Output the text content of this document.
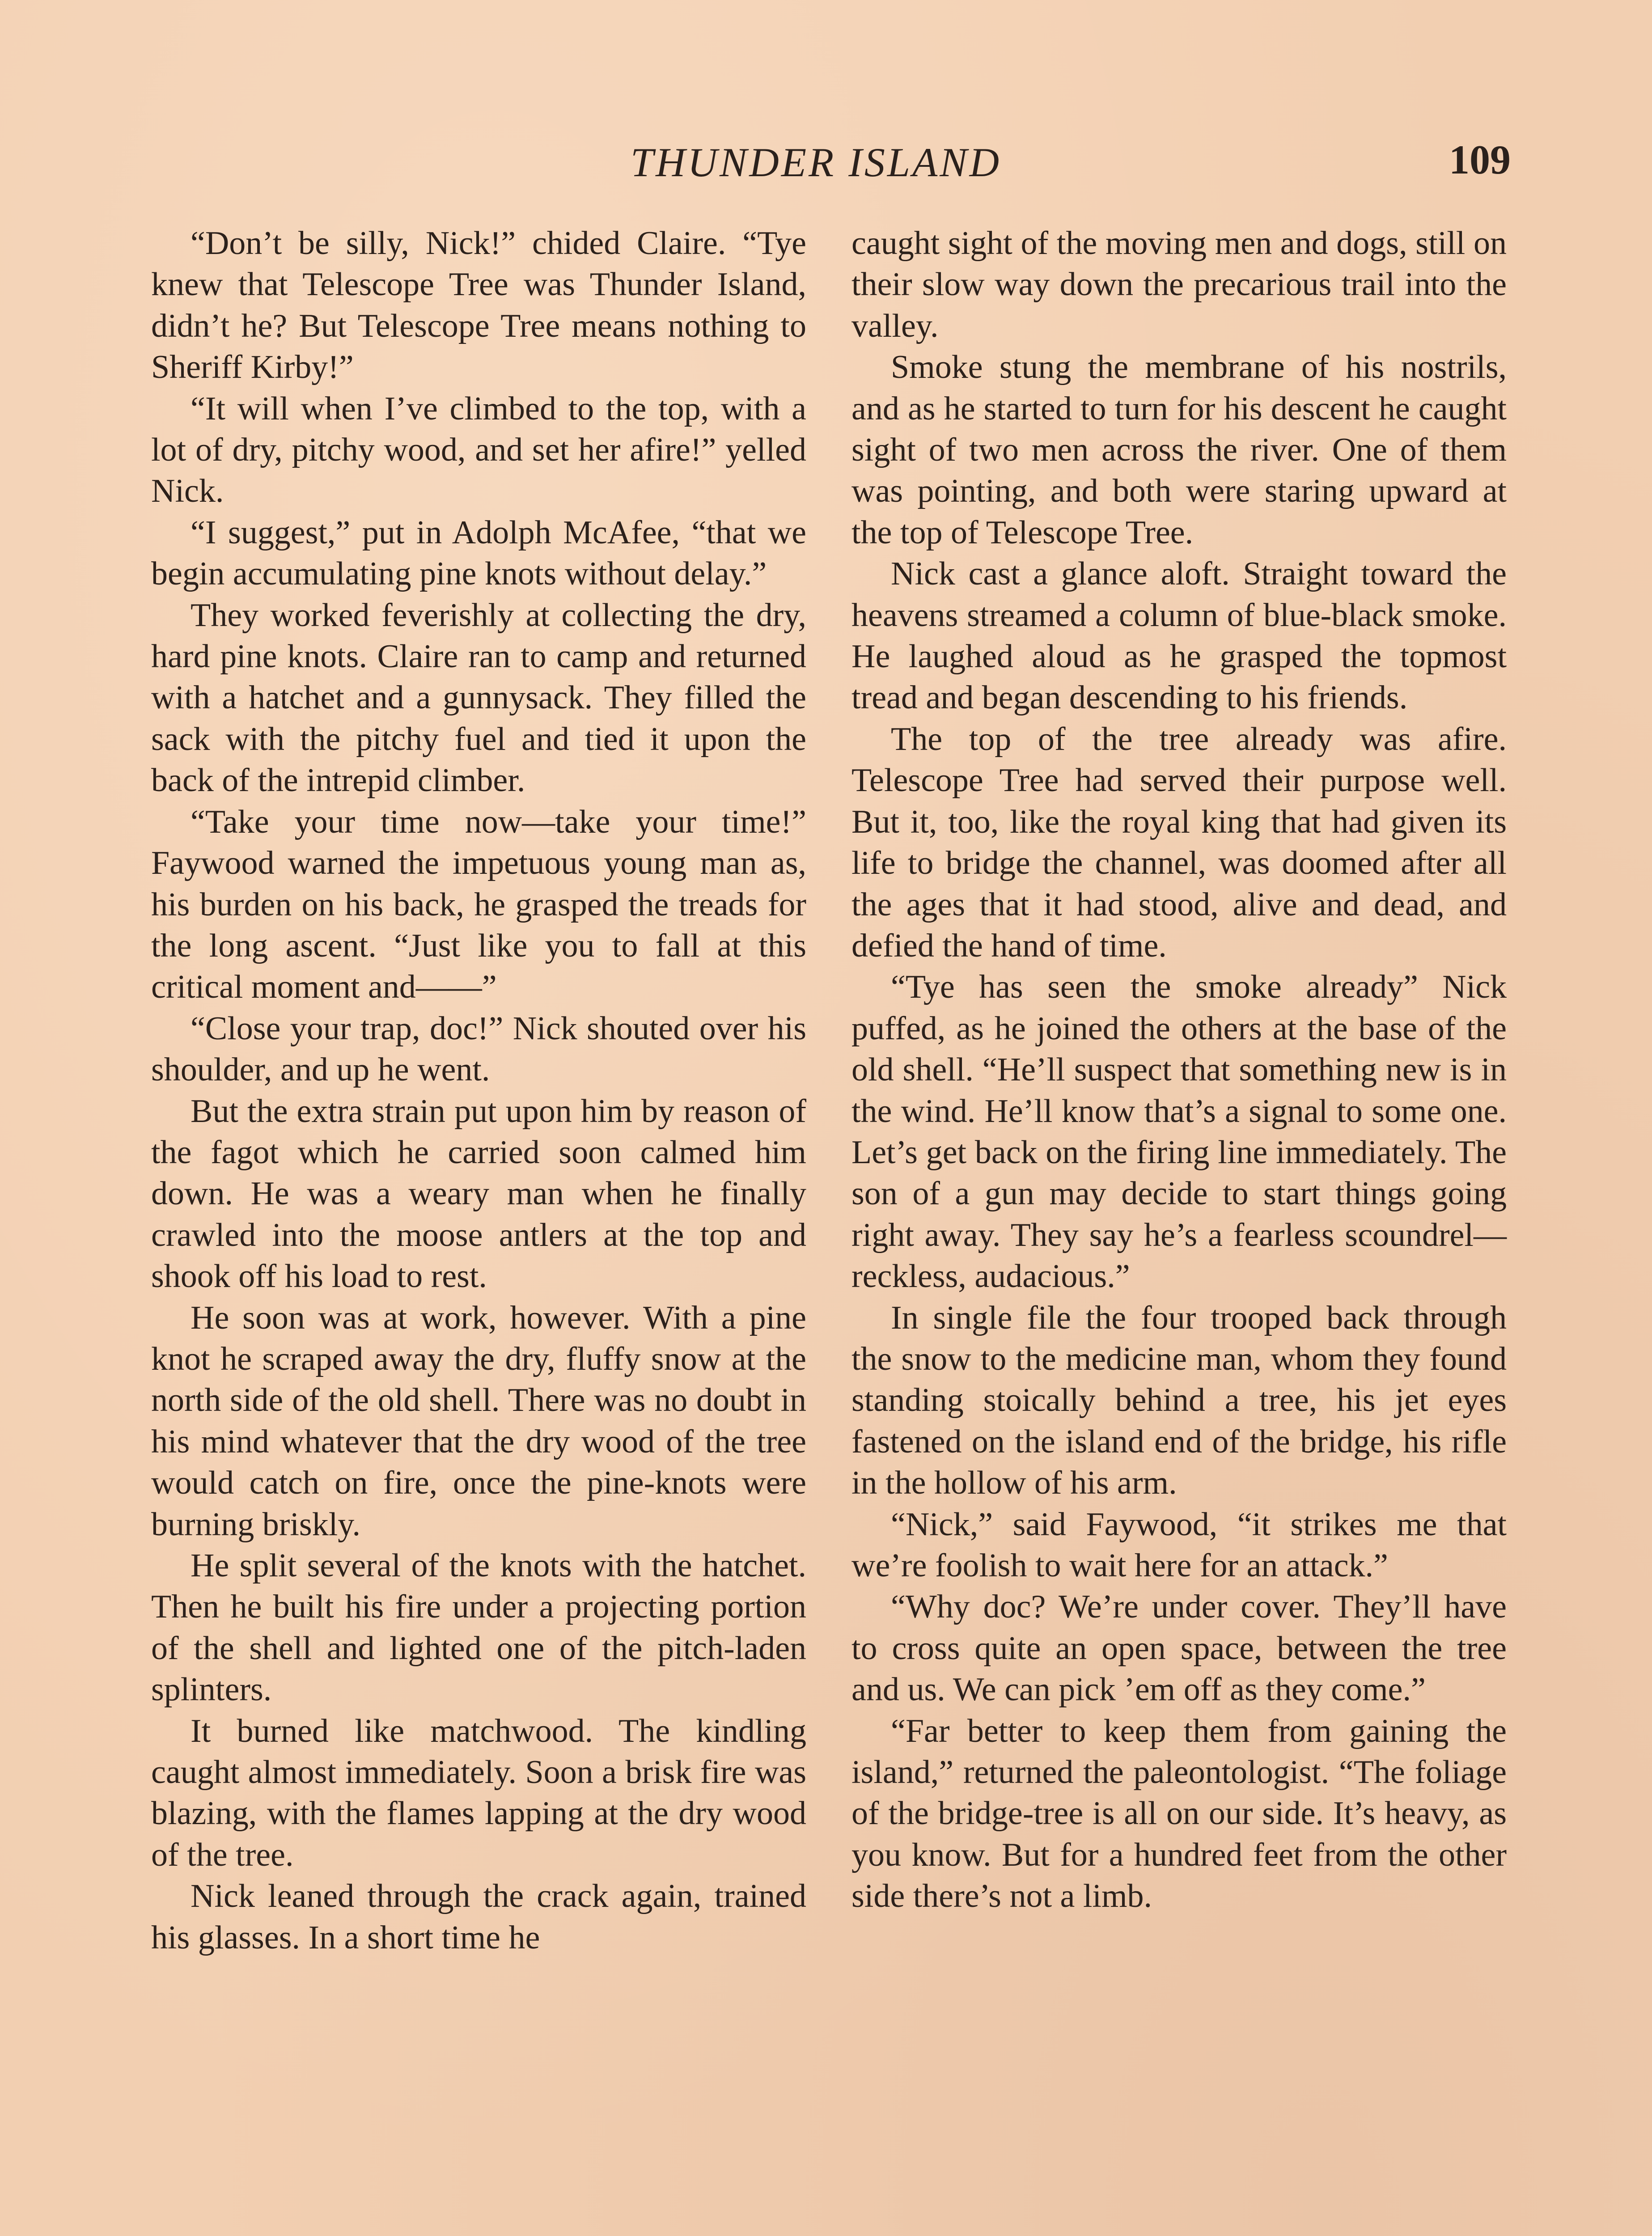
THUNDER ISLAND	109

“Don’t be silly, Nick!” chided Claire. “Tye knew that Telescope Tree was Thunder Island, didn’t he? But Telescope Tree means nothing to Sheriff Kirby!”

“It will when I’ve climbed to the top, with a lot of dry, pitchy wood, and set her afire!” yelled Nick.

“I suggest,” put in Adolph McAfee, “that we begin accumulating pine knots without delay.”

They worked feverishly at collecting the dry, hard pine knots. Claire ran to camp and returned with a hatchet and a gunnysack. They filled the sack with the pitchy fuel and tied it upon the back of the intrepid climber.

“Take your time now—take your time!” Faywood warned the impetuous young man as, his burden on his back, he grasped the treads for the long ascent. “Just like you to fall at this critical moment and——”

“Close your trap, doc!” Nick shouted over his shoulder, and up he went.

But the extra strain put upon him by reason of the fagot which he carried soon calmed him down. He was a weary man when he finally crawled into the moose antlers at the top and shook off his load to rest.

He soon was at work, however. With a pine knot he scraped away the dry, fluffy snow at the north side of the old shell. There was no doubt in his mind whatever that the dry wood of the tree would catch on fire, once the pine-knots were burning briskly.

He split several of the knots with the hatchet. Then he built his fire under a projecting portion of the shell and lighted one of the pitch-laden splinters.

It burned like matchwood. The kindling caught almost immediately. Soon a brisk fire was blazing, with the flames lapping at the dry wood of the tree.

Nick leaned through the crack again, trained his glasses. In a short time he

caught sight of the moving men and dogs, still on their slow way down the precarious trail into the valley.

Smoke stung the membrane of his nostrils, and as he started to turn for his descent he caught sight of two men across the river. One of them was pointing, and both were staring upward at the top of Telescope Tree.

Nick cast a glance aloft. Straight toward the heavens streamed a column of blue-black smoke. He laughed aloud as he grasped the topmost tread and began descending to his friends.

The top of the tree already was afire. Telescope Tree had served their purpose well. But it, too, like the royal king that had given its life to bridge the channel, was doomed after all the ages that it had stood, alive and dead, and defied the hand of time.

“Tye has seen the smoke already” Nick puffed, as he joined the others at the base of the old shell. “He’ll suspect that something new is in the wind. He’ll know that’s a signal to some one. Let’s get back on the firing line immediately. The son of a gun may decide to start things going right away. They say he’s a fearless scoundrel—reckless, audacious.”

In single file the four trooped back through the snow to the medicine man, whom they found standing stoically behind a tree, his jet eyes fastened on the island end of the bridge, his rifle in the hollow of his arm.

“Nick,” said Faywood, “it strikes me that we’re foolish to wait here for an attack.”

“Why doc? We’re under cover. They’ll have to cross quite an open space, between the tree and us. We can pick ’em off as they come.”

“Far better to keep them from gaining the island,” returned the paleontologist. “The foliage of the bridge-tree is all on our side. It’s heavy, as you know. But for a hundred feet from the other side there’s not a limb.
